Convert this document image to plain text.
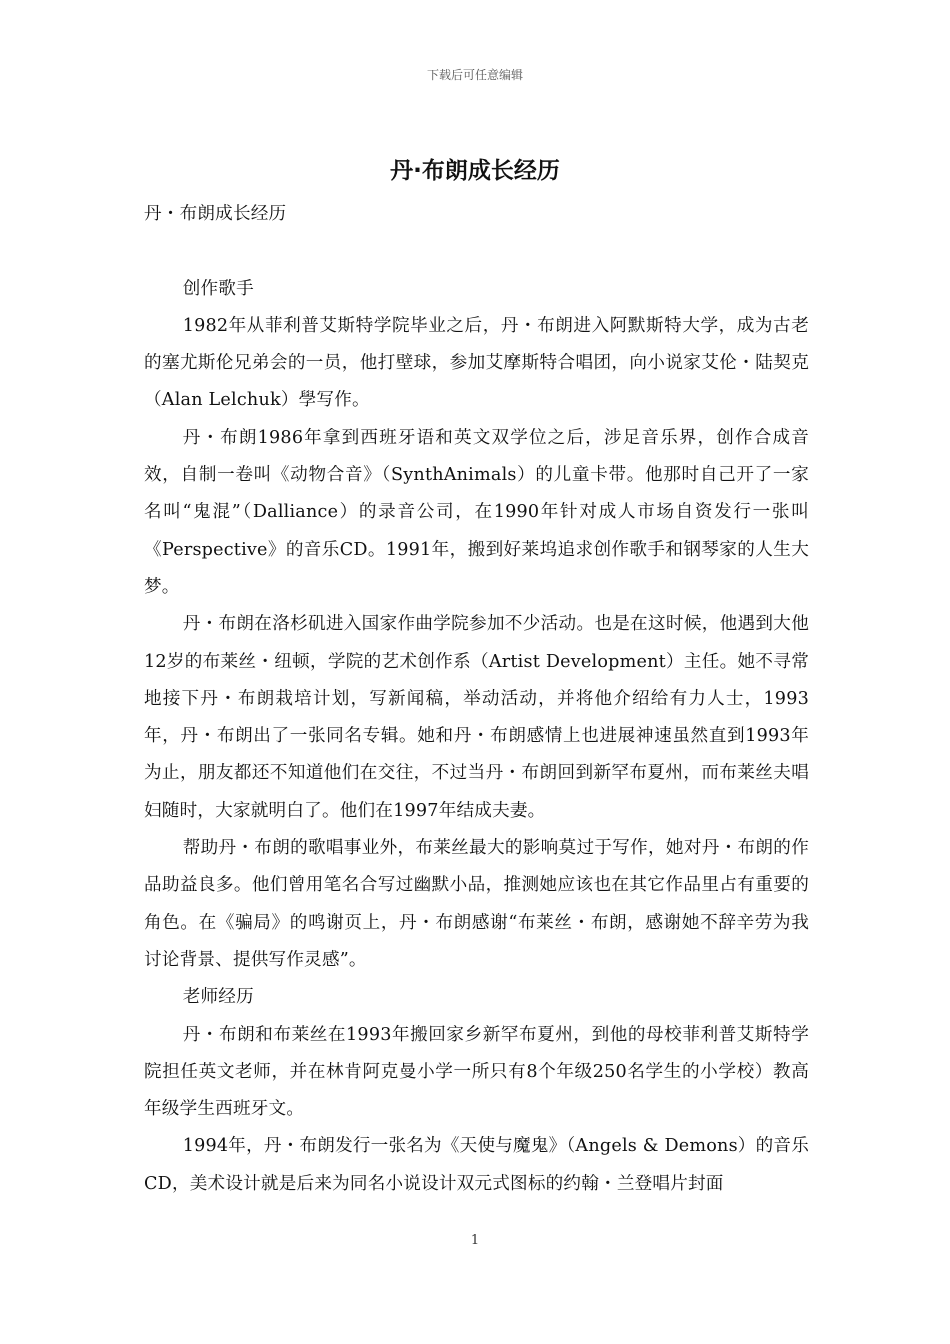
下载后可任意编辑
丹·布朗成长经历

丹・布朗成长经历

创作歌手

1982年从菲利普艾斯特学院毕业之后，丹・布朗进入阿默斯特大学，成为古老的塞尤斯伦兄弟会的一员，他打壁球，参加艾摩斯特合唱团，向小说家艾伦・陆契克（Alan Lelchuk）學写作。

丹・布朗1986年拿到西班牙语和英文双学位之后，涉足音乐界，创作合成音效，自制一卷叫《动物合音》（SynthAnimals）的儿童卡带。他那时自己开了一家名叫“鬼混”（Dalliance）的录音公司，在1990年针对成人市场自资发行一张叫《Perspective》的音乐CD。1991年，搬到好莱坞追求创作歌手和钢琴家的人生大梦。

丹・布朗在洛杉矶进入国家作曲学院参加不少活动。也是在这时候，他遇到大他12岁的布莱丝・纽顿，学院的艺术创作系（Artist Development）主任。她不寻常地接下丹・布朗栽培计划，写新闻稿，举动活动，并将他介绍给有力人士，1993年，丹・布朗出了一张同名专辑。她和丹・布朗感情上也进展神速虽然直到1993年为止，朋友都还不知道他们在交往，不过当丹・布朗回到新罕布夏州，而布莱丝夫唱妇随时，大家就明白了。他们在1997年结成夫妻。

帮助丹・布朗的歌唱事业外，布莱丝最大的影响莫过于写作，她对丹・布朗的作品助益良多。他们曾用笔名合写过幽默小品，推测她应该也在其它作品里占有重要的角色。在《骗局》的鸣谢页上，丹・布朗感谢“布莱丝・布朗，感谢她不辞辛劳为我讨论背景、提供写作灵感”。

老师经历

丹・布朗和布莱丝在1993年搬回家乡新罕布夏州，到他的母校菲利普艾斯特学院担任英文老师，并在林肯阿克曼小学一所只有8个年级250名学生的小学校）教高年级学生西班牙文。

1994年，丹・布朗发行一张名为《天使与魔鬼》（Angels & Demons）的音乐CD，美术设计就是后来为同名小说设计双元式图标的约翰・兰登唱片封面

1
